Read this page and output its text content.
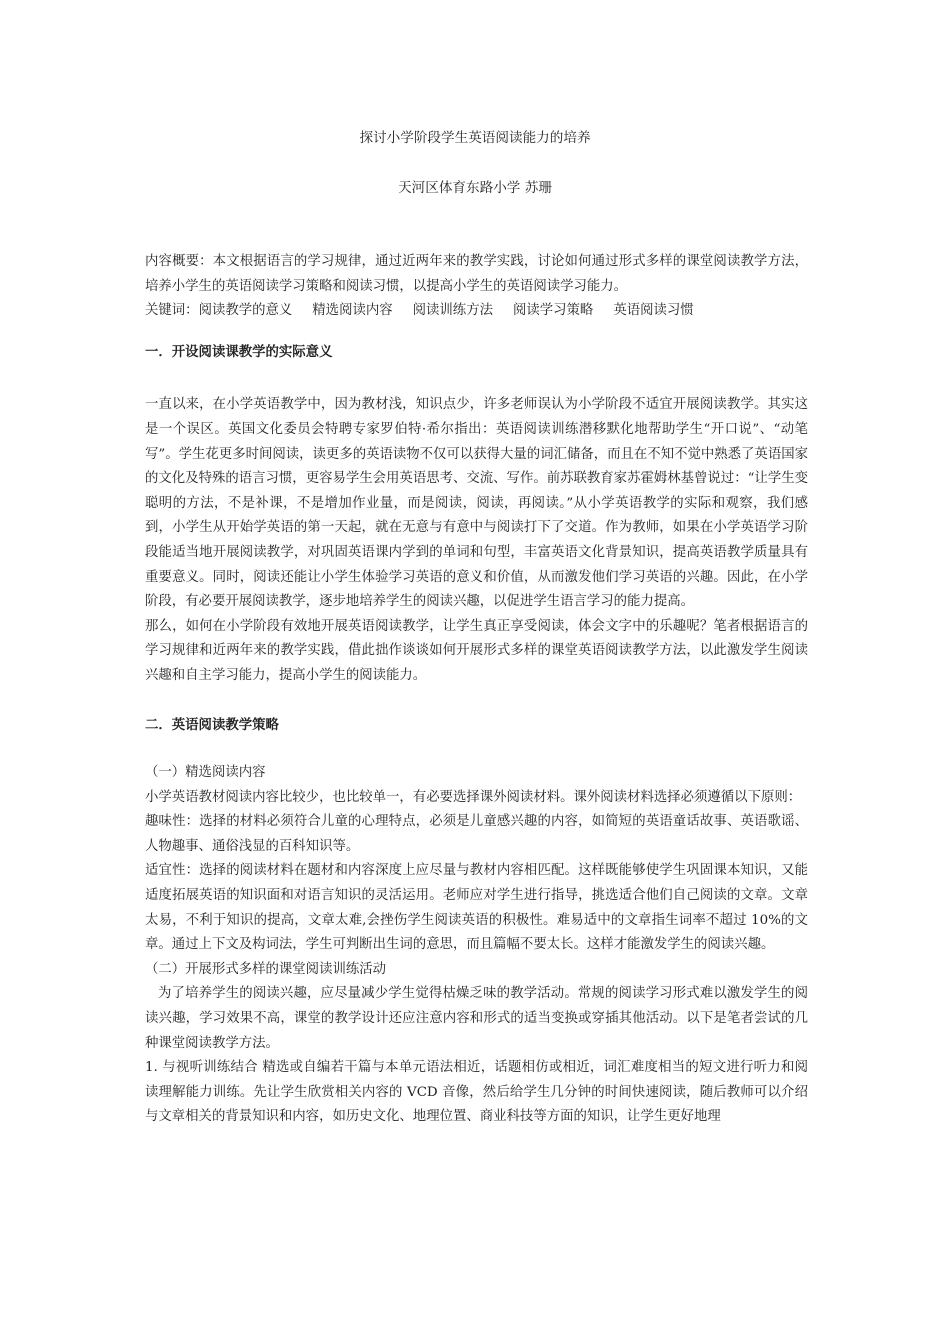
探讨小学阶段学生英语阅读能力的培养
天河区体育东路小学 苏珊

内容概要：本文根据语言的学习规律，通过近两年来的教学实践，讨论如何通过形式多样的课堂阅读教学方法，培养小学生的英语阅读学习策略和阅读习惯，以提高小学生的英语阅读学习能力。

关键词：阅读教学的意义 精选阅读内容 阅读训练方法 阅读学习策略 英语阅读习惯

一．开设阅读课教学的实际意义

一直以来，在小学英语教学中，因为教材浅，知识点少，许多老师误认为小学阶段不适宜开展阅读教学。其实这是一个误区。英国文化委员会特聘专家罗伯特·希尔指出：英语阅读训练潜移默化地帮助学生“开口说”、“动笔写”。学生花更多时间阅读，读更多的英语读物不仅可以获得大量的词汇储备，而且在不知不觉中熟悉了英语国家的文化及特殊的语言习惯，更容易学生会用英语思考、交流、写作。前苏联教育家苏霍姆林基曾说过：“让学生变聪明的方法，不是补课，不是增加作业量，而是阅读，阅读，再阅读。”从小学英语教学的实际和观察，我们感到，小学生从开始学英语的第一天起，就在无意与有意中与阅读打下了交道。作为教师，如果在小学英语学习阶段能适当地开展阅读教学，对巩固英语课内学到的单词和句型，丰富英语文化背景知识，提高英语教学质量具有重要意义。同时，阅读还能让小学生体验学习英语的意义和价值，从而激发他们学习英语的兴趣。因此，在小学阶段，有必要开展阅读教学，逐步地培养学生的阅读兴趣，以促进学生语言学习的能力提高。

那么，如何在小学阶段有效地开展英语阅读教学，让学生真正享受阅读，体会文字中的乐趣呢？笔者根据语言的学习规律和近两年来的教学实践，借此拙作谈谈如何开展形式多样的课堂英语阅读教学方法，以此激发学生阅读兴趣和自主学习能力，提高小学生的阅读能力。

二．英语阅读教学策略

（一）精选阅读内容

小学英语教材阅读内容比较少，也比较单一，有必要选择课外阅读材料。课外阅读材料选择必须遵循以下原则：

趣味性：选择的材料必须符合儿童的心理特点，必须是儿童感兴趣的内容，如简短的英语童话故事、英语歌谣、人物趣事、通俗浅显的百科知识等。

适宜性：选择的阅读材料在题材和内容深度上应尽量与教材内容相匹配。这样既能够使学生巩固课本知识，又能适度拓展英语的知识面和对语言知识的灵活运用。老师应对学生进行指导，挑选适合他们自己阅读的文章。文章太易，不利于知识的提高，文章太难,会挫伤学生阅读英语的积极性。难易适中的文章指生词率不超过 10%的文章。通过上下文及构词法，学生可判断出生词的意思，而且篇幅不要太长。这样才能激发学生的阅读兴趣。

（二）开展形式多样的课堂阅读训练活动

为了培养学生的阅读兴趣，应尽量减少学生觉得枯燥乏味的教学活动。常规的阅读学习形式难以激发学生的阅读兴趣，学习效果不高，课堂的教学设计还应注意内容和形式的适当变换或穿插其他活动。以下是笔者尝试的几种课堂阅读教学方法。

1. 与视听训练结合 精选或自编若干篇与本单元语法相近，话题相仿或相近，词汇难度相当的短文进行听力和阅读理解能力训练。先让学生欣赏相关内容的 VCD 音像，然后给学生几分钟的时间快速阅读，随后教师可以介绍与文章相关的背景知识和内容，如历史文化、地理位置、商业科技等方面的知识，让学生更好地理
